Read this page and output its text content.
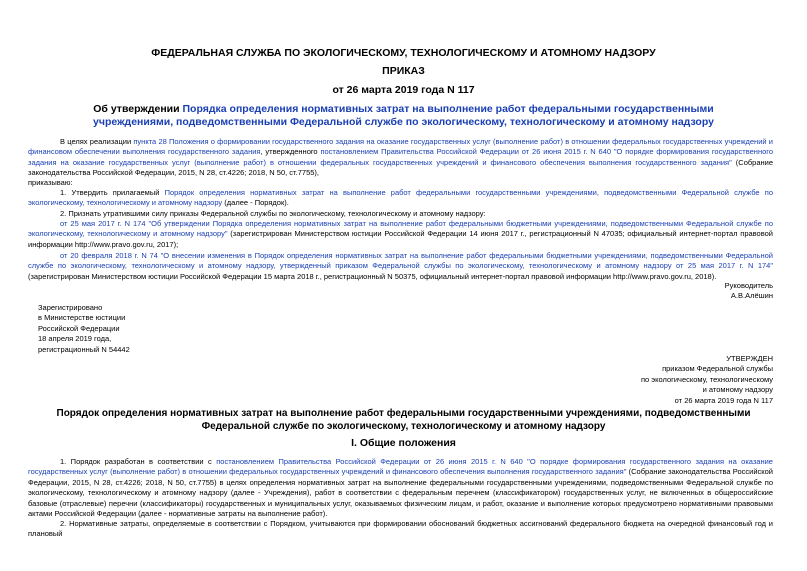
ФЕДЕРАЛЬНАЯ СЛУЖБА ПО ЭКОЛОГИЧЕСКОМУ, ТЕХНОЛОГИЧЕСКОМУ И АТОМНОМУ НАДЗОРУ
ПРИКАЗ
от 26 марта 2019 года N 117
Об утверждении Порядка определения нормативных затрат на выполнение работ федеральными государственными учреждениями, подведомственными Федеральной службе по экологическому, технологическому и атомному надзору
В целях реализации пункта 28 Положения о формировании государственного задания на оказание государственных услуг (выполнение работ) в отношении федеральных государственных учреждений и финансовом обеспечении выполнения государственного задания, утвержденного постановлением Правительства Российской Федерации от 26 июня 2015 г. N 640 "О порядке формирования государственного задания на оказание государственных услуг (выполнение работ) в отношении федеральных государственных учреждений и финансового обеспечения выполнения государственного задания" (Собрание законодательства Российской Федерации, 2015, N 28, ст.4226; 2018, N 50, ст.7755),
приказываю:
1. Утвердить прилагаемый Порядок определения нормативных затрат на выполнение работ федеральными государственными учреждениями, подведомственными Федеральной службе по экологическому, технологическому и атомному надзору (далее - Порядок).
2. Признать утратившими силу приказы Федеральной службы по экологическому, технологическому и атомному надзору:
от 25 мая 2017 г. N 174 "Об утверждении Порядка определения нормативных затрат на выполнение работ федеральными бюджетными учреждениями, подведомственными Федеральной службе по экологическому, технологическому и атомному надзору" (зарегистрирован Министерством юстиции Российской Федерации 14 июня 2017 г., регистрационный N 47035; официальный интернет-портал правовой информации http://www.pravo.gov.ru, 2017);
от 20 февраля 2018 г. N 74 "О внесении изменения в Порядок определения нормативных затрат на выполнение работ федеральными бюджетными учреждениями, подведомственными Федеральной службе по экологическому, технологическому и атомному надзору, утвержденный приказом Федеральной службы по экологическому, технологическому и атомному надзору от 25 мая 2017 г. N 174" (зарегистрирован Министерством юстиции Российской Федерации 15 марта 2018 г., регистрационный N 50375, официальный интернет-портал правовой информации http://www.pravo.gov.ru, 2018).
Руководитель
А.В.Алёшин
Зарегистрировано
в Министерстве юстиции
Российской Федерации
18 апреля 2019 года,
регистрационный N 54442
УТВЕРЖДЕН
приказом Федеральной службы
по экологическому, технологическому
и атомному надзору
от 26 марта 2019 года N 117
Порядок определения нормативных затрат на выполнение работ федеральными государственными учреждениями, подведомственными Федеральной службе по экологическому, технологическому и атомному надзору
I. Общие положения
1. Порядок разработан в соответствии с постановлением Правительства Российской Федерации от 26 июня 2015 г. N 640 "О порядке формирования государственного задания на оказание государственных услуг (выполнение работ) в отношении федеральных государственных учреждений и финансового обеспечения выполнения государственного задания" (Собрание законодательства Российской Федерации, 2015, N 28, ст.4226; 2018, N 50, ст.7755) в целях определения нормативных затрат на выполнение федеральными государственными учреждениями, подведомственными Федеральной службе по экологическому, технологическому и атомному надзору (далее - Учреждения), работ в соответствии с федеральным перечнем (классификатором) государственных услуг, не включенных в общероссийские базовые (отраслевые) перечни (классификаторы) государственных и муниципальных услуг, оказываемых физическим лицам, и работ, оказание и выполнение которых предусмотрено нормативными правовыми актами Российской Федерации (далее - нормативные затраты на выполнение работ).
2. Нормативные затраты, определяемые в соответствии с Порядком, учитываются при формировании обоснований бюджетных ассигнований федерального бюджета на очередной финансовый год и плановый
